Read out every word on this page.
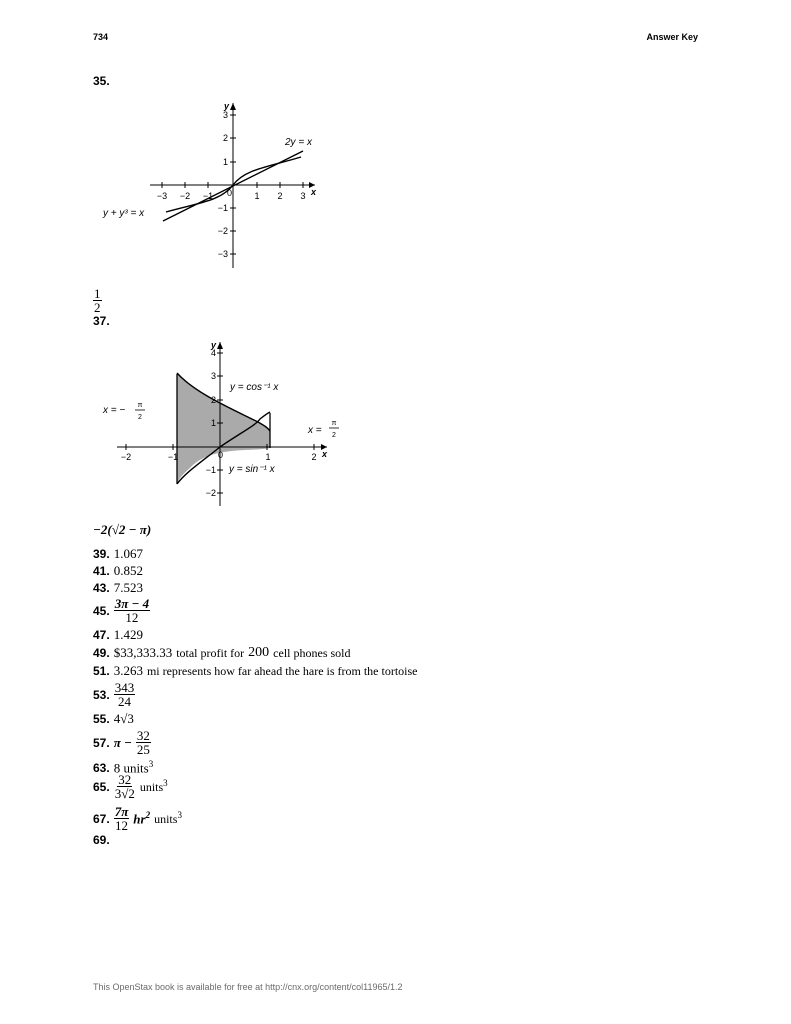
734	Answer Key
35.
x
y
−3 −2 −1	1 2 3
3
2
1
−1
−2
−3
0
2y = x
y + y³ = x
$\frac{1}{2}$
37.
x
y
−2	−1	1	2
4
3
2
1
−1
−2
0
y = cos⁻¹ x
y = sin⁻¹ x
x = − π
2
x =
π
2
−2(√2 − π)
39. 1.067
41. 0.852
43. 7.523
45. $\frac{3\pi - 4}{12}$
47. 1.429
49. $33,333.33 total profit for 200 cell phones sold
51. 3.263 mi represents how far ahead the hare is from the tortoise
53. $\frac{343}{24}$
55. 4√3
57. $\pi - \frac{32}{25}$
63. 8 units$^3$
65. $\frac{32}{3√2}$ units$^3$
67. $\frac{7\pi}{12} hr^2$ units$^3$
69.
This OpenStax book is available for free at http://cnx.org/content/col11965/1.2
